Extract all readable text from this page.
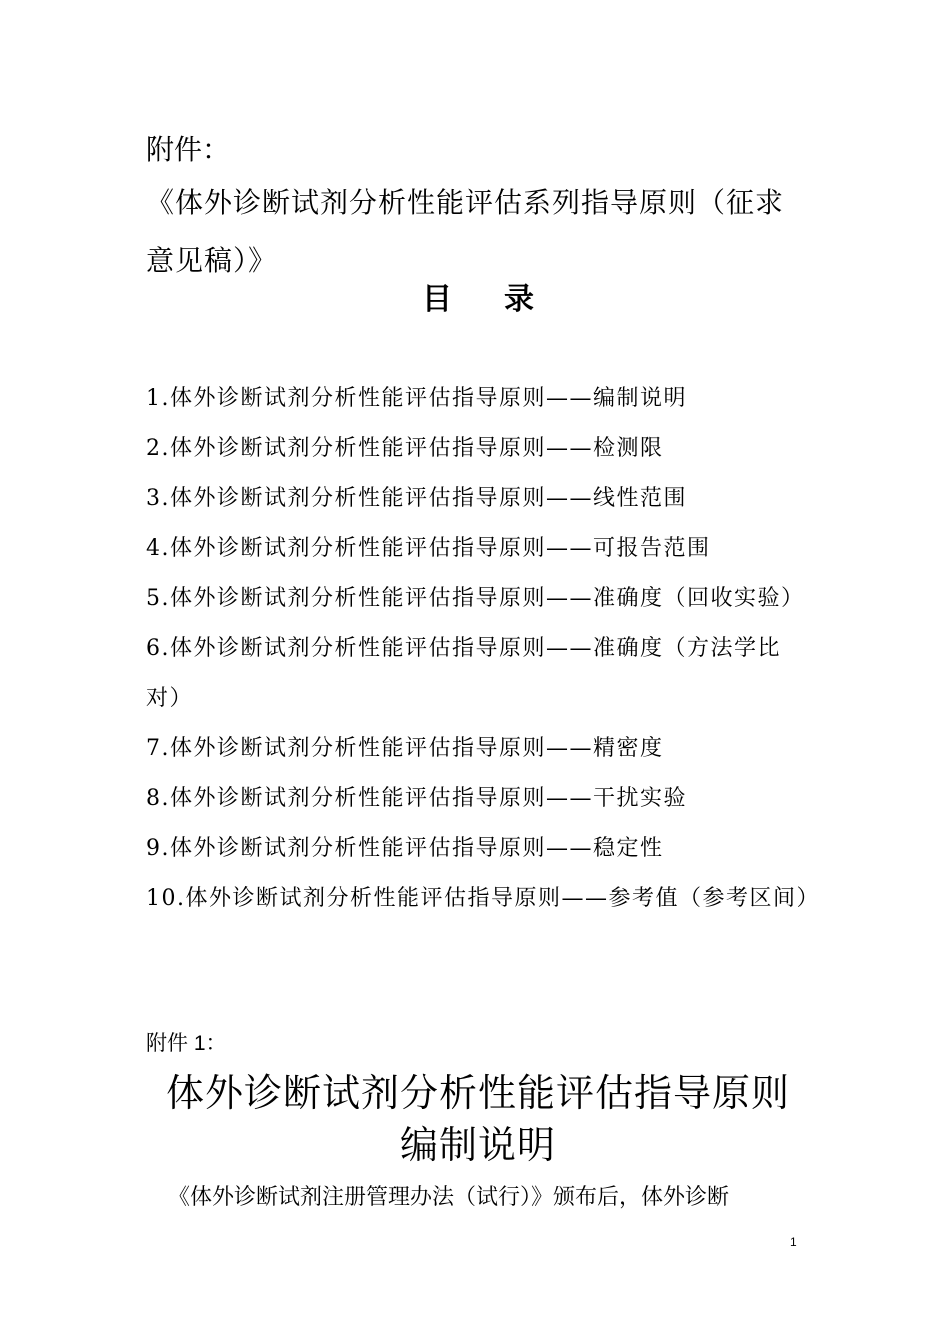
附件：
《体外诊断试剂分析性能评估系列指导原则（征求意见稿）》
目 录
1.体外诊断试剂分析性能评估指导原则——编制说明
2.体外诊断试剂分析性能评估指导原则——检测限
3.体外诊断试剂分析性能评估指导原则——线性范围
4.体外诊断试剂分析性能评估指导原则——可报告范围
5.体外诊断试剂分析性能评估指导原则——准确度（回收实验）
6.体外诊断试剂分析性能评估指导原则——准确度（方法学比对）
7.体外诊断试剂分析性能评估指导原则——精密度
8.体外诊断试剂分析性能评估指导原则——干扰实验
9.体外诊断试剂分析性能评估指导原则——稳定性
10.体外诊断试剂分析性能评估指导原则——参考值（参考区间）
附件 1：
体外诊断试剂分析性能评估指导原则
编制说明
《体外诊断试剂注册管理办法（试行）》颁布后，体外诊断
1
